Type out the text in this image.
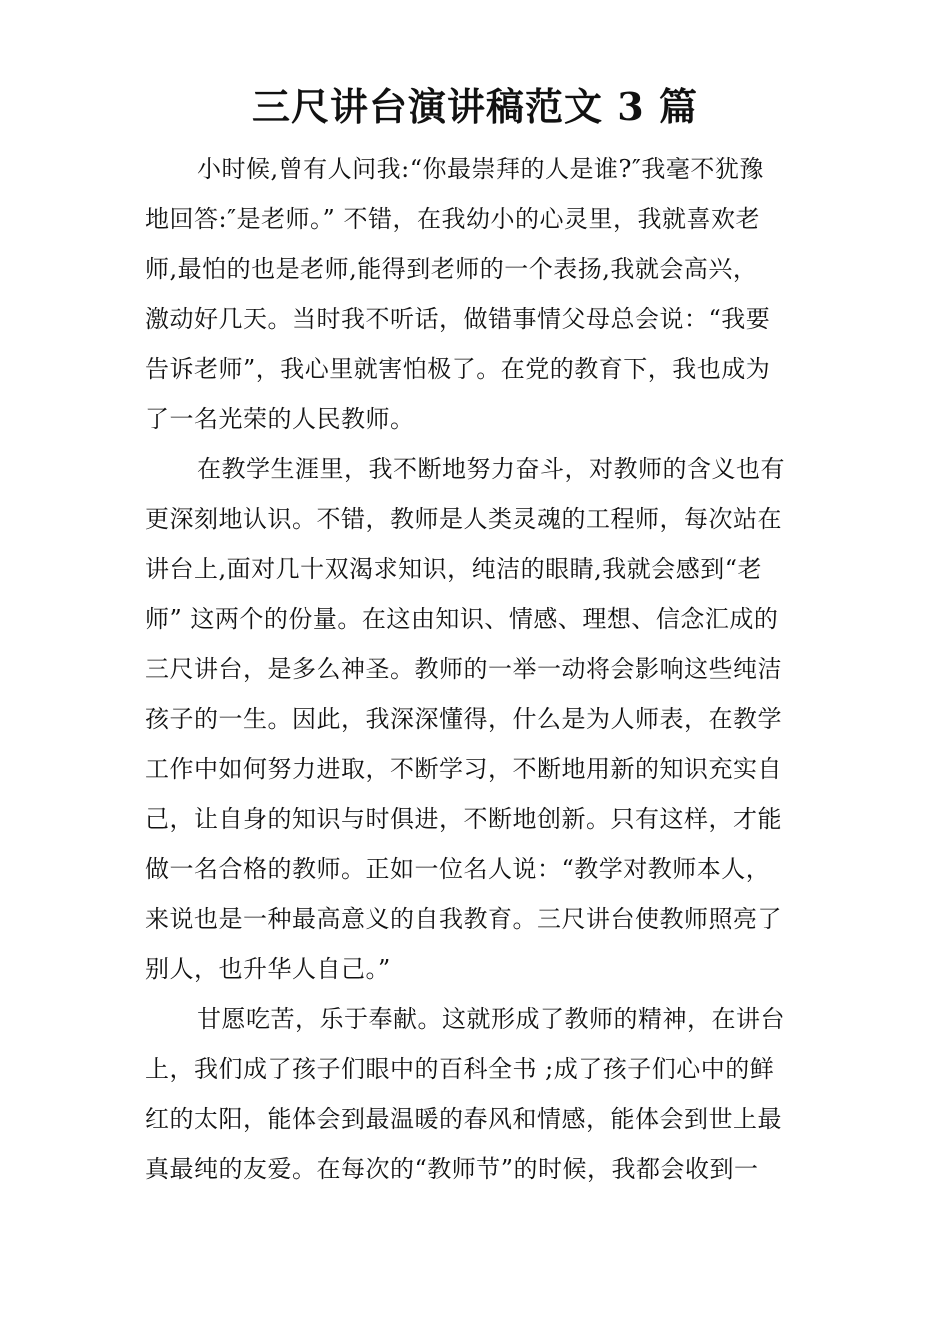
三尺讲台演讲稿范文 3 篇
小时候,曾有人问我:“你最崇拜的人是谁?″我毫不犹豫
地回答:″是老师。” 不错，在我幼小的心灵里，我就喜欢老
师,最怕的也是老师,能得到老师的一个表扬,我就会高兴，
激动好几天。当时我不听话，做错事情父母总会说：“我要
告诉老师”，我心里就害怕极了。在党的教育下，我也成为
了一名光荣的人民教师。
在教学生涯里，我不断地努力奋斗，对教师的含义也有
更深刻地认识。不错，教师是人类灵魂的工程师，每次站在
讲台上,面对几十双渴求知识，纯洁的眼睛,我就会感到“老
师” 这两个的份量。在这由知识、情感、理想、信念汇成的
三尺讲台，是多么神圣。教师的一举一动将会影响这些纯洁
孩子的一生。因此，我深深懂得，什么是为人师表，在教学
工作中如何努力进取，不断学习，不断地用新的知识充实自
己，让自身的知识与时俱进，不断地创新。只有这样，才能
做一名合格的教师。正如一位名人说：“教学对教师本人，
来说也是一种最高意义的自我教育。三尺讲台使教师照亮了
别人，也升华人自己。”
甘愿吃苦，乐于奉献。这就形成了教师的精神，在讲台
上，我们成了孩子们眼中的百科全书 ;成了孩子们心中的鲜
红的太阳，能体会到最温暖的春风和情感，能体会到世上最
真最纯的友爱。在每次的“教师节”的时候，我都会收到一
